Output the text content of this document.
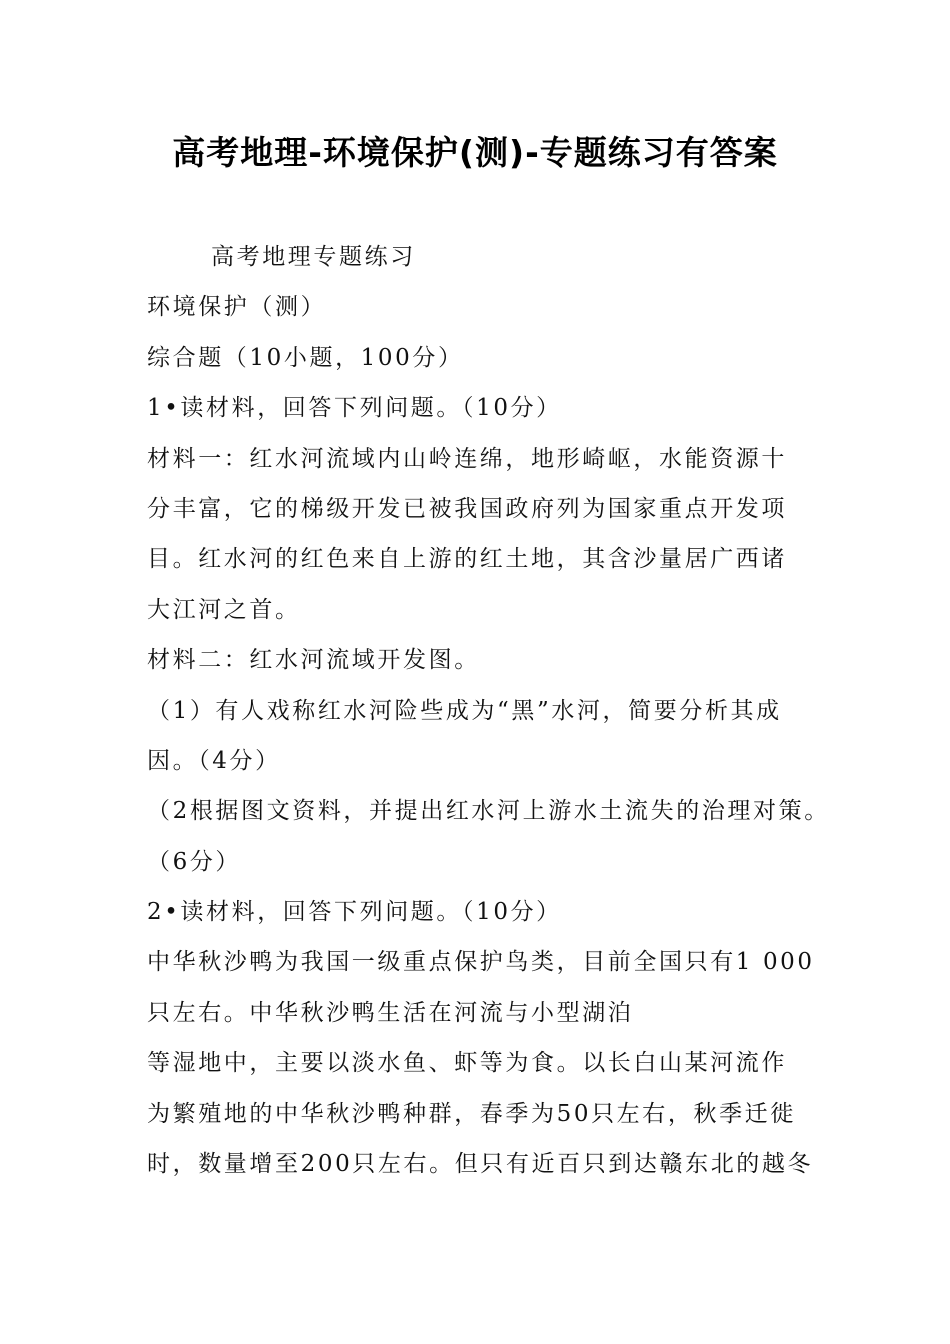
高考地理-环境保护(测)-专题练习有答案
高考地理专题练习
环境保护（测）
综合题（10小题，100分）
1•读材料，回答下列问题。（10分）
材料一：红水河流域内山岭连绵，地形崎岖，水能资源十
分丰富，它的梯级开发已被我国政府列为国家重点开发项
目。红水河的红色来自上游的红土地，其含沙量居广西诸
大江河之首。
材料二：红水河流域开发图。
（1）有人戏称红水河险些成为“黑”水河，简要分析其成
因。（4分）
（2根据图文资料，并提出红水河上游水土流失的治理对策。
（6分）
2•读材料，回答下列问题。（10分）
中华秋沙鸭为我国一级重点保护鸟类，目前全国只有1 000
只左右。中华秋沙鸭生活在河流与小型湖泊
等湿地中，主要以淡水鱼、虾等为食。以长白山某河流作
为繁殖地的中华秋沙鸭种群，春季为50只左右，秋季迁徙
时，数量增至200只左右。但只有近百只到达赣东北的越冬
